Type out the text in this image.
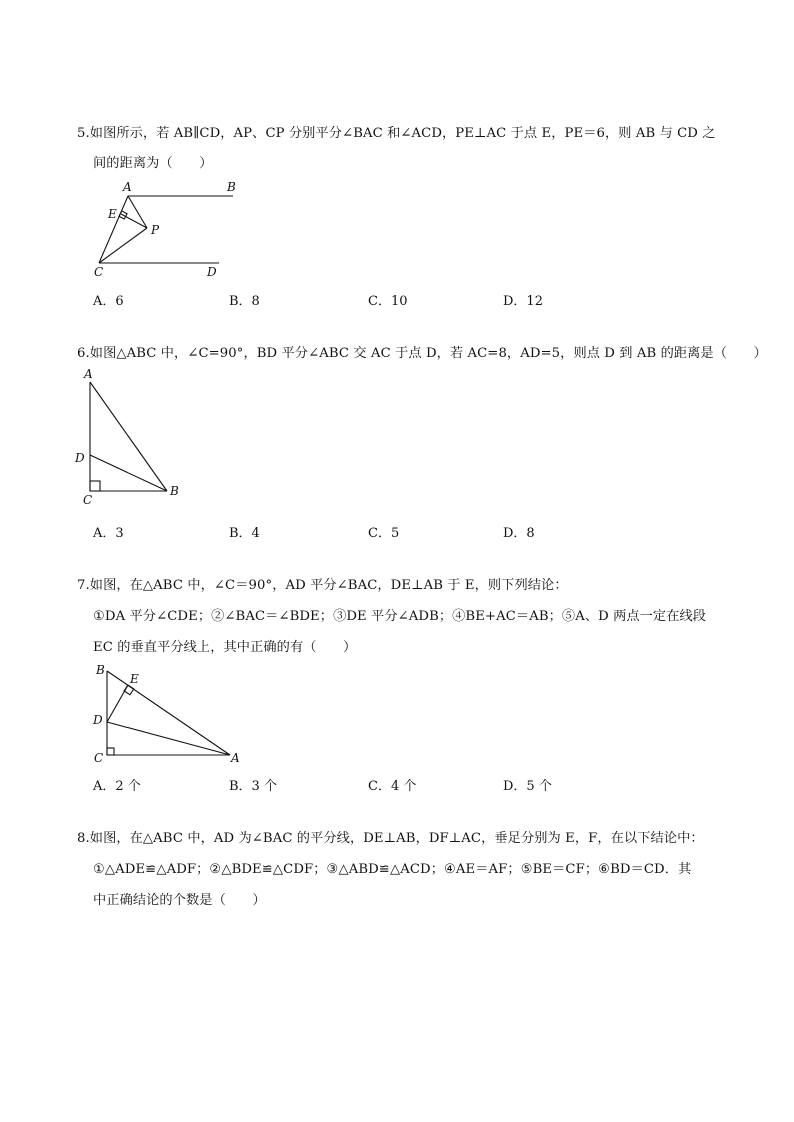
5.如图所示，若 AB∥CD，AP、CP 分别平分∠BAC 和∠ACD，PE⊥AC 于点 E，PE＝6，则 AB 与 CD 之
间的距离为（　　）
A	B
E
P
C	D
A．6	B．8	C．10	D．12
6.如图△ABC 中，∠C=90°，BD 平分∠ABC 交 AC 于点 D，若 AC=8，AD=5，则点 D 到 AB 的距离是（　　）
A
D
C
B
A．3	B．4	C．5	D．8
7.如图，在△ABC 中，∠C＝90°，AD 平分∠BAC，DE⊥AB 于 E，则下列结论：
①DA 平分∠CDE；②∠BAC＝∠BDE；③DE 平分∠ADB；④BE+AC＝AB；⑤A、D 两点一定在线段
EC 的垂直平分线上，其中正确的有（　　）
B
E
D
C	A
A．2 个	B．3 个	C．4 个	D．5 个
8.如图，在△ABC 中，AD 为∠BAC 的平分线，DE⊥AB，DF⊥AC，垂足分别为 E，F，在以下结论中：
①△ADE≌△ADF；②△BDE≌△CDF；③△ABD≌△ACD；④AE＝AF；⑤BE＝CF；⑥BD＝CD．其
中正确结论的个数是（　　）
